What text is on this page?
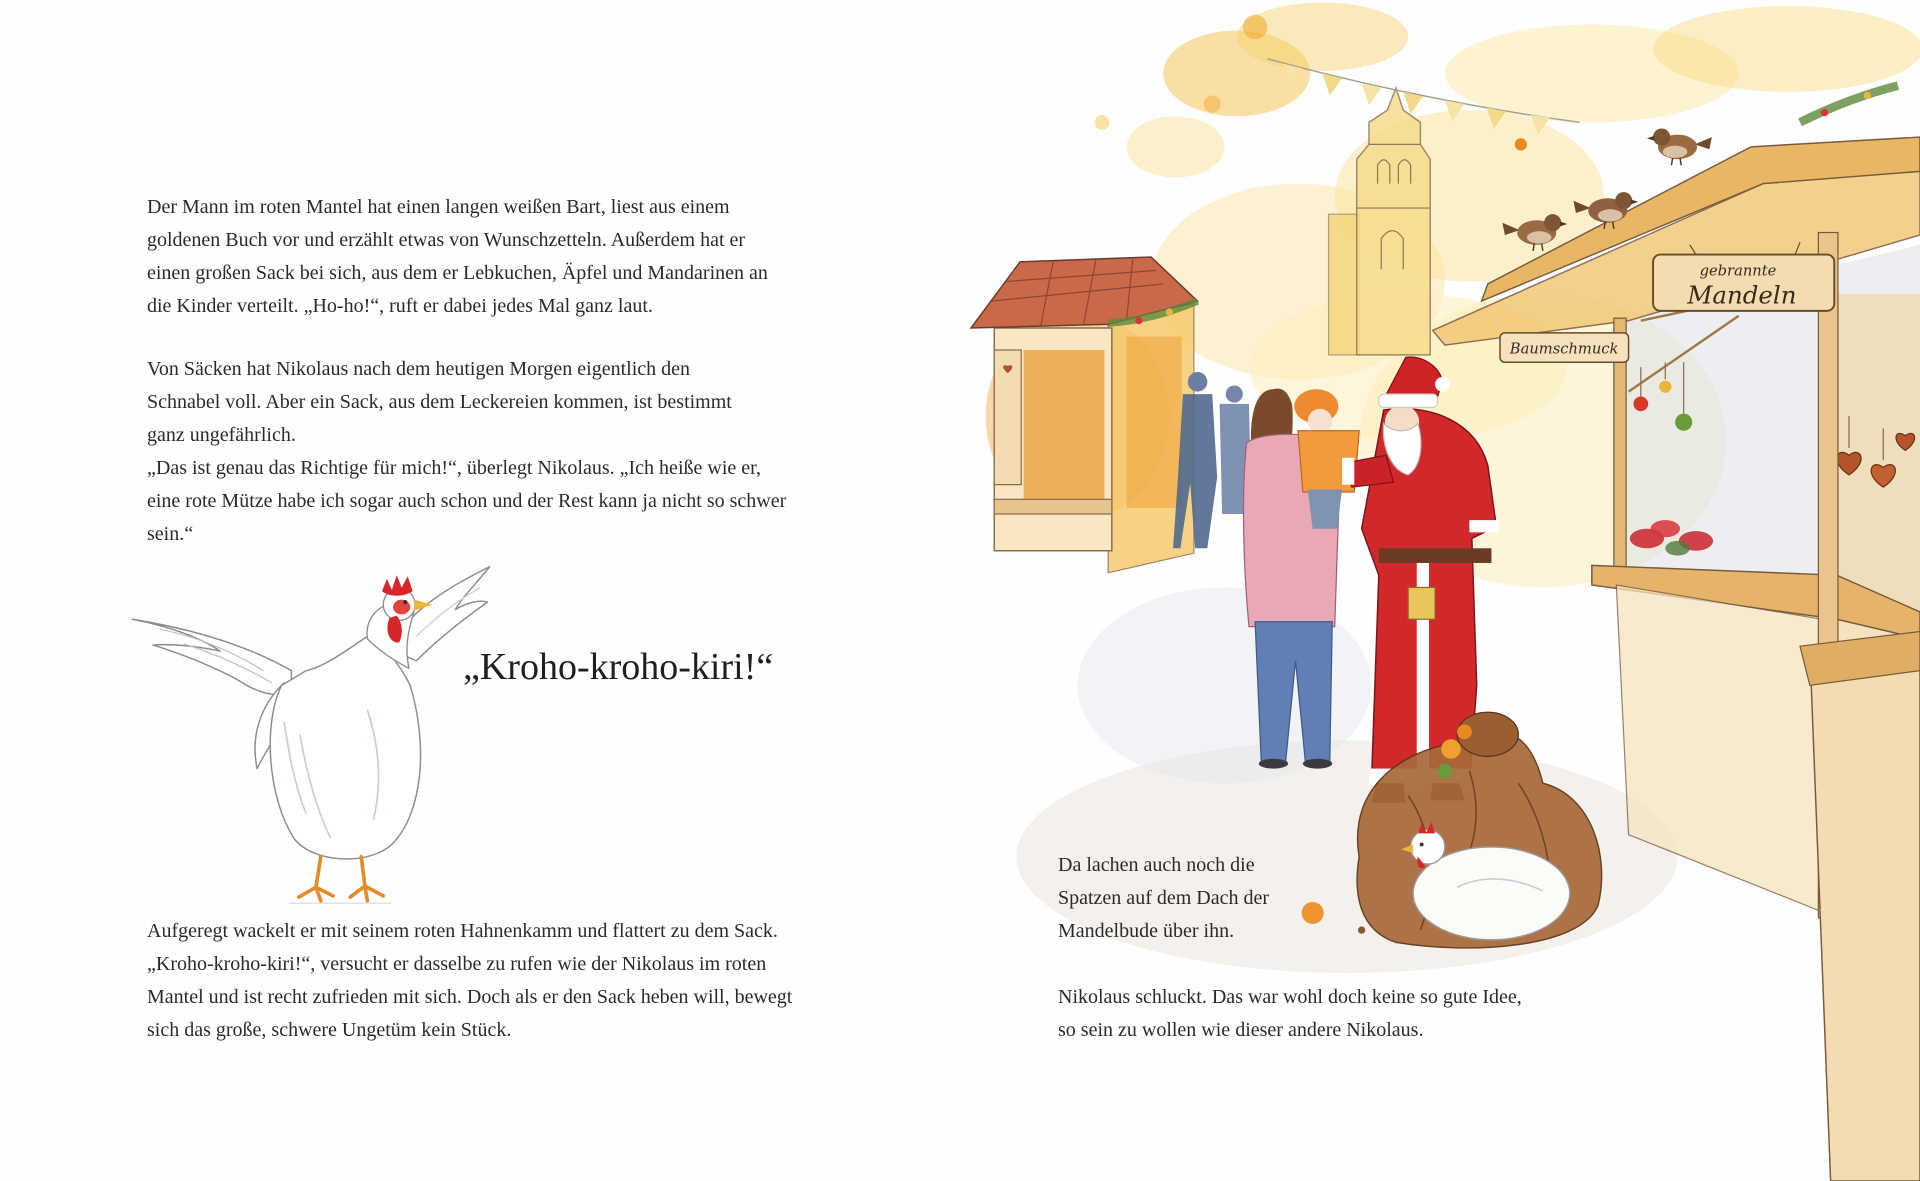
gebrannte
Mandeln
Baumschmuck
Der Mann im roten Mantel hat einen langen weißen Bart, liest aus einem
goldenen Buch vor und erzählt etwas von Wunschzetteln. Außerdem hat er
einen großen Sack bei sich, aus dem er Lebkuchen, Äpfel und Mandarinen an
die Kinder verteilt. „Ho-ho!“, ruft er dabei jedes Mal ganz laut.
Von Säcken hat Nikolaus nach dem heutigen Morgen eigentlich den
Schnabel voll. Aber ein Sack, aus dem Leckereien kommen, ist bestimmt
ganz ungefährlich.
„Das ist genau das Richtige für mich!“, überlegt Nikolaus. „Ich heiße wie er,
eine rote Mütze habe ich sogar auch schon und der Rest kann ja nicht so schwer
sein.“
„Kroho-kroho-kiri!“
Aufgeregt wackelt er mit seinem roten Hahnenkamm und flattert zu dem Sack.
„Kroho-kroho-kiri!“, versucht er dasselbe zu rufen wie der Nikolaus im roten
Mantel und ist recht zufrieden mit sich. Doch als er den Sack heben will, bewegt
sich das große, schwere Ungetüm kein Stück.
Da lachen auch noch die
Spatzen auf dem Dach der
Mandelbude über ihn.
Nikolaus schluckt. Das war wohl doch keine so gute Idee,
so sein zu wollen wie dieser andere Nikolaus.
